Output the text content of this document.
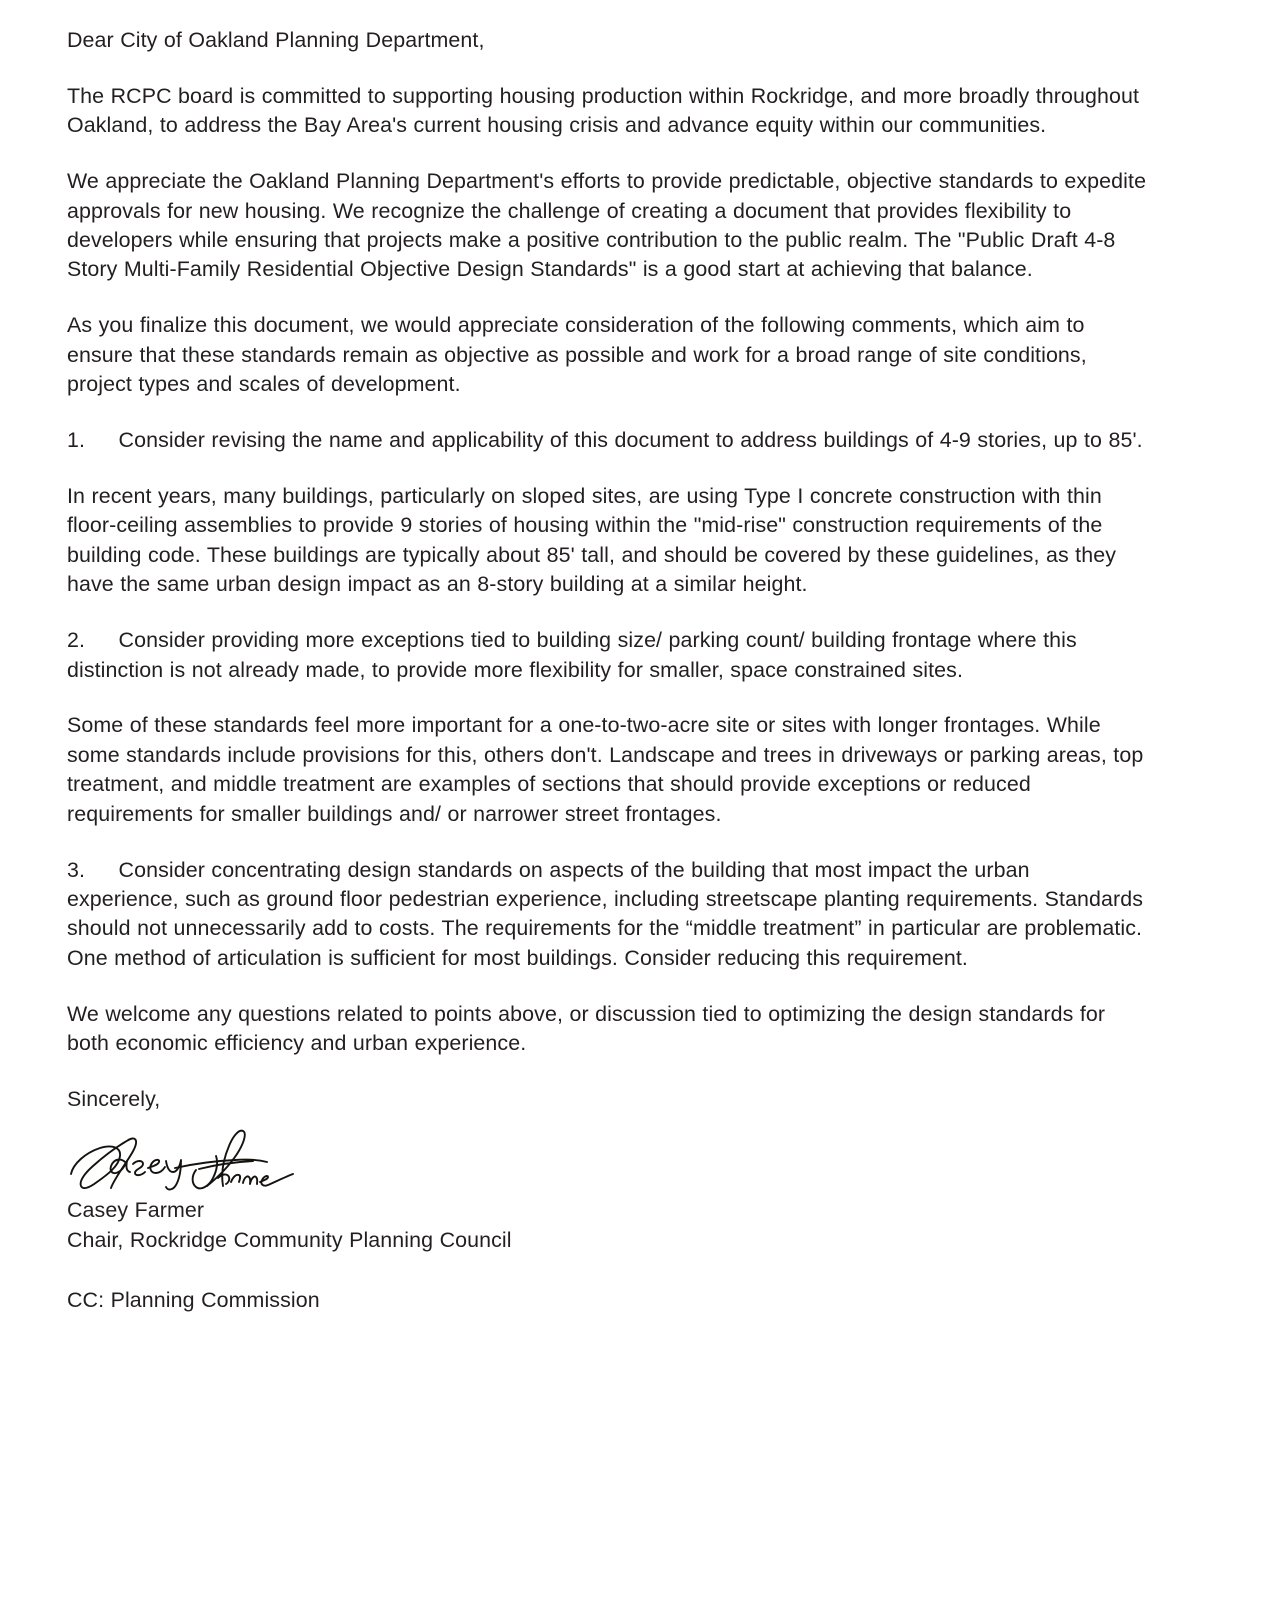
Dear City of Oakland Planning Department,

The RCPC board is committed to supporting housing production within Rockridge, and more broadly throughout Oakland, to address the Bay Area's current housing crisis and advance equity within our communities.

We appreciate the Oakland Planning Department's efforts to provide predictable, objective standards to expedite approvals for new housing. We recognize the challenge of creating a document that provides flexibility to developers while ensuring that projects make a positive contribution to the public realm. The "Public Draft 4-8 Story Multi-Family Residential Objective Design Standards" is a good start at achieving that balance.

As you finalize this document, we would appreciate consideration of the following comments, which aim to ensure that these standards remain as objective as possible and work for a broad range of site conditions, project types and scales of development.

1.	Consider revising the name and applicability of this document to address buildings of 4-9 stories, up to 85'.

In recent years, many buildings, particularly on sloped sites, are using Type I concrete construction with thin floor-ceiling assemblies to provide 9 stories of housing within the "mid-rise" construction requirements of the building code. These buildings are typically about 85' tall, and should be covered by these guidelines, as they have the same urban design impact as an 8-story building at a similar height.

2.	Consider providing more exceptions tied to building size/ parking count/ building frontage where this distinction is not already made, to provide more flexibility for smaller, space constrained sites.

Some of these standards feel more important for a one-to-two-acre site or sites with longer frontages. While some standards include provisions for this, others don't. Landscape and trees in driveways or parking areas, top treatment, and middle treatment are examples of sections that should provide exceptions or reduced requirements for smaller buildings and/ or narrower street frontages.

3.	Consider concentrating design standards on aspects of the building that most impact the urban experience, such as ground floor pedestrian experience, including streetscape planting requirements. Standards should not unnecessarily add to costs. The requirements for the “middle treatment” in particular are problematic. One method of articulation is sufficient for most buildings. Consider reducing this requirement.

We welcome any questions related to points above, or discussion tied to optimizing the design standards for both economic efficiency and urban experience.

Sincerely,

Casey Farmer

Chair, Rockridge Community Planning Council

CC: Planning Commission
